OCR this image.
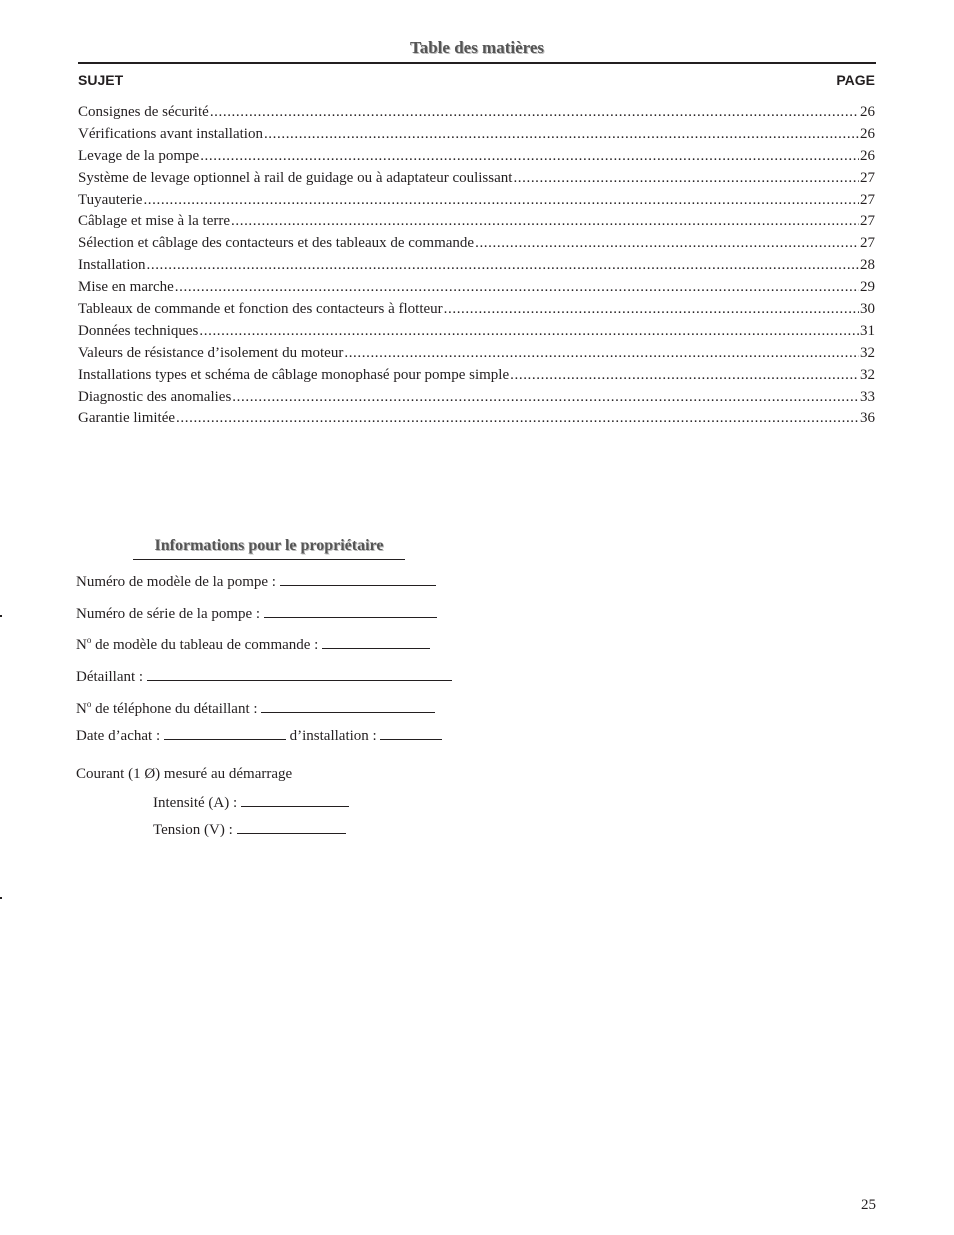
Table des matières
SUJET	PAGE
Consignes de sécurité .....	26
Vérifications avant installation .....	26
Levage de la pompe .....	26
Système de levage optionnel à rail de guidage ou à adaptateur coulissant .....	27
Tuyauterie .....	27
Câblage et mise à la terre .....	27
Sélection et câblage des contacteurs et des tableaux de commande .....	27
Installation .....	28
Mise en marche .....	29
Tableaux de commande et fonction des contacteurs à flotteur .....	30
Données techniques .....	31
Valeurs de résistance d’isolement du moteur .....	32
Installations types et schéma de câblage monophasé pour pompe simple .....	32
Diagnostic des anomalies .....	33
Garantie limitée .....	36
Informations pour le propriétaire
Numéro de modèle de la pompe :
Numéro de série de la pompe :
$N^o$ de modèle du tableau de commande :
Détaillant :
$N^o$ de téléphone du détaillant :
Date d’achat :	d’installation :
Courant (1 Ø) mesuré au démarrage
Intensité (A) :
Tension (V) :
25
